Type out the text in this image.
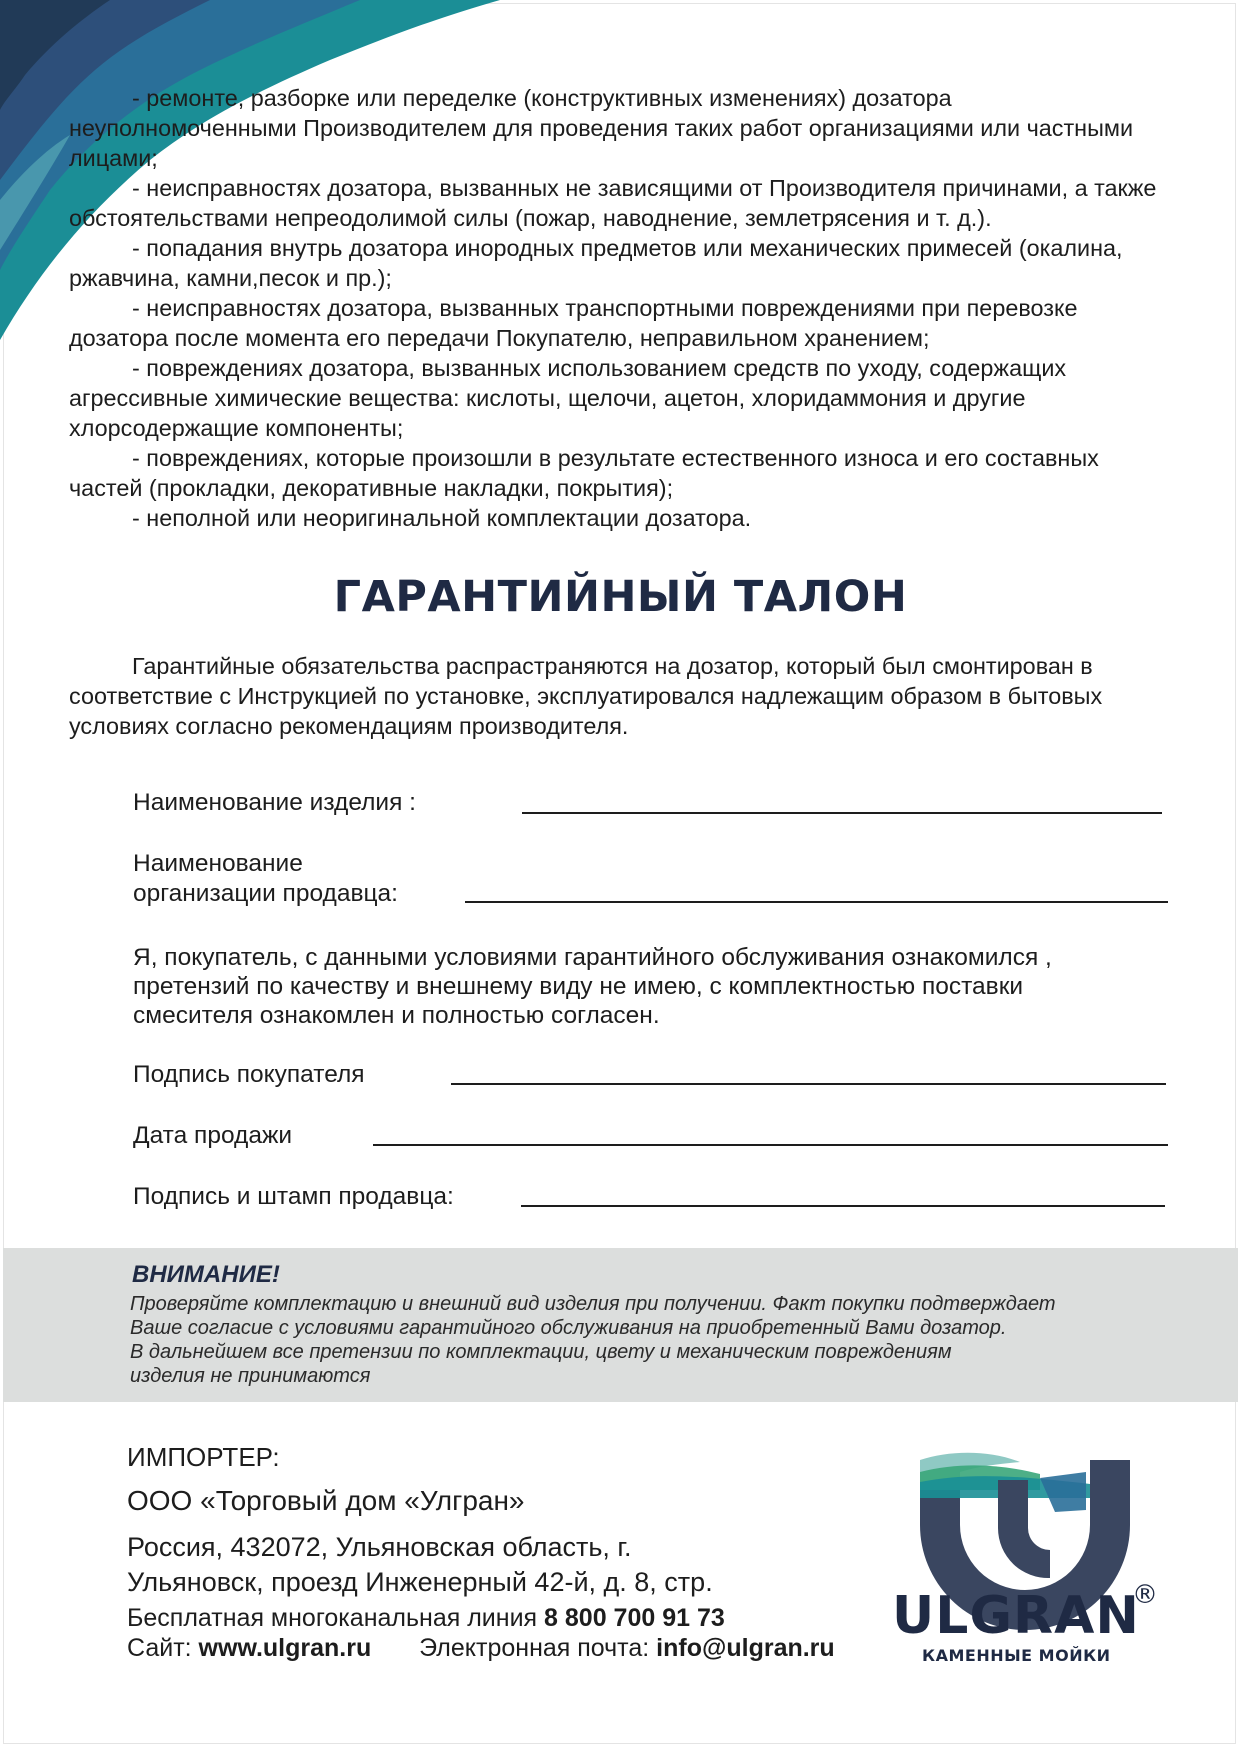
- ремонте, разборке или переделке (конструктивных изменениях) дозатора неуполномоченными Производителем для проведения таких работ организациями или частными лицами;

- неисправностях дозатора, вызванных не зависящими от Производителя причинами, а также обстоятельствами непреодолимой силы (пожар, наводнение, землетрясения и т. д.).

- попадания внутрь дозатора инородных предметов или механических примесей (окалина, ржавчина, камни,песок и пр.);

- неисправностях дозатора, вызванных транспортными повреждениями при перевозке дозатора после момента его передачи Покупателю, неправильном хранением;

- повреждениях дозатора, вызванных использованием средств по уходу, содержащих агрессивные химические вещества: кислоты, щелочи, ацетон, хлоридаммония и другие хлорсодержащие компоненты;

- повреждениях, которые произошли в результате естественного износа и его составных частей (прокладки, декоративные накладки, покрытия);

- неполной или неоригинальной комплектации дозатора.

ГАРАНТИЙНЫЙ ТАЛОН

Гарантийные обязательства распрастраняются на дозатор, который был смонтирован в соответствие с Инструкцией по установке, эксплуатировался надлежащим образом в бытовых условиях согласно рекомендациям производителя.

Наименование изделия :
Наименование
организации продавца:
Я, покупатель, с данными условиями гарантийного обслуживания ознакомился , претензий по качеству и внешнему виду не имею, с комплектностью поставки смесителя ознакомлен и полностью согласен.
Подпись покупателя
Дата продажи
Подпись и штамп продавца:
ВНИМАНИЕ!
Проверяйте комплектацию и внешний вид изделия при получении. Факт покупки подтверждает
Ваше согласие с условиями гарантийного обслуживания на приобретенный Вами дозатор.
В дальнейшем все претензии по комплектации, цвету и механическим повреждениям
изделия не принимаются
ИМПОРТЕР:
ООО «Торговый дом «Улгран»
Россия, 432072, Ульяновская область, г.
Ульяновск, проезд Инженерный 42-й, д. 8, стр.
Бесплатная многоканальная линия 8 800 700 91 73
Сайт: www.ulgran.ru Электронная почта: info@ulgran.ru
ULGRAN
®
КАМЕННЫЕ МОЙКИ
